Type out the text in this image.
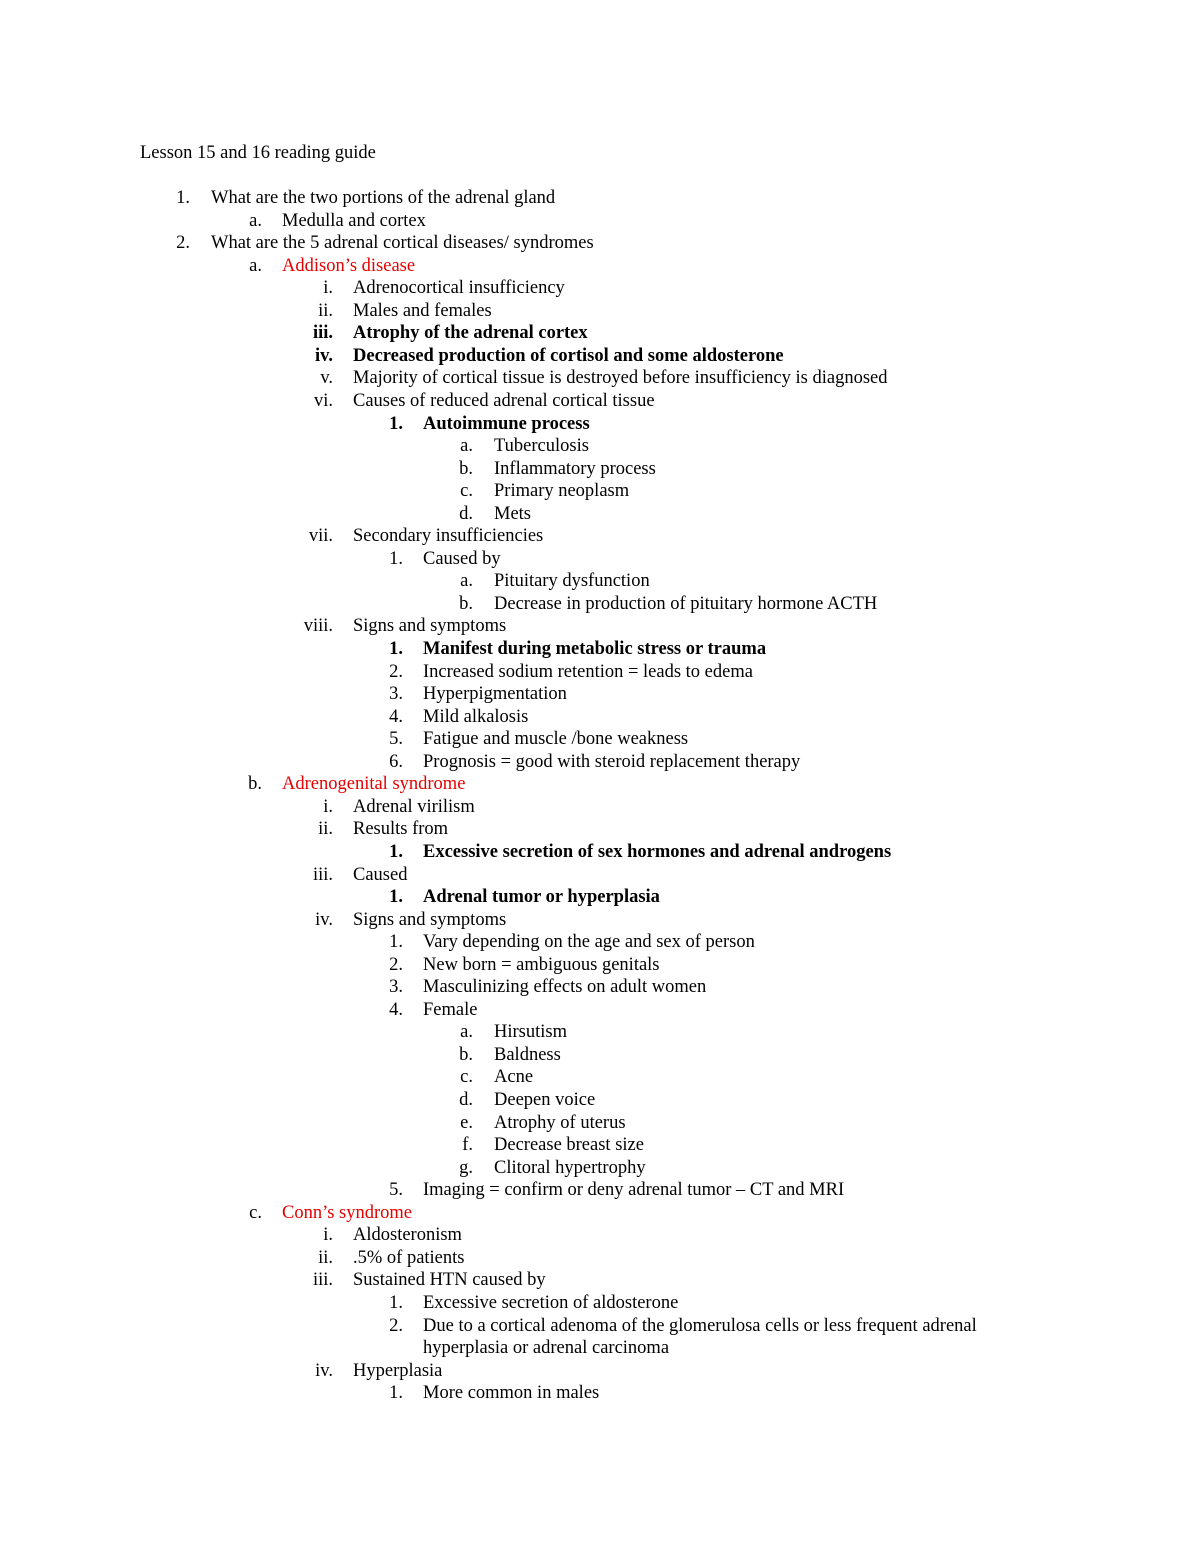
Lesson 15 and 16 reading guide
1. What are the two portions of the adrenal gland
a. Medulla and cortex
2. What are the 5 adrenal cortical diseases/ syndromes
a. Addison’s disease
i. Adrenocortical insufficiency
ii. Males and females
iii. Atrophy of the adrenal cortex
iv. Decreased production of cortisol and some aldosterone
v. Majority of cortical tissue is destroyed before insufficiency is diagnosed
vi. Causes of reduced adrenal cortical tissue
1. Autoimmune process
a. Tuberculosis
b. Inflammatory process
c. Primary neoplasm
d. Mets
vii. Secondary insufficiencies
1. Caused by
a. Pituitary dysfunction
b. Decrease in production of pituitary hormone ACTH
viii. Signs and symptoms
1. Manifest during metabolic stress or trauma
2. Increased sodium retention = leads to edema
3. Hyperpigmentation
4. Mild alkalosis
5. Fatigue and muscle /bone weakness
6. Prognosis = good with steroid replacement therapy
b. Adrenogenital syndrome
i. Adrenal virilism
ii. Results from
1. Excessive secretion of sex hormones and adrenal androgens
iii. Caused
1. Adrenal tumor or hyperplasia
iv. Signs and symptoms
1. Vary depending on the age and sex of person
2. New born = ambiguous genitals
3. Masculinizing effects on adult women
4. Female
a. Hirsutism
b. Baldness
c. Acne
d. Deepen voice
e. Atrophy of uterus
f. Decrease breast size
g. Clitoral hypertrophy
5. Imaging = confirm or deny adrenal tumor – CT and MRI
c. Conn’s syndrome
i. Aldosteronism
ii. .5% of patients
iii. Sustained HTN caused by
1. Excessive secretion of aldosterone
2. Due to a cortical adenoma of the glomerulosa cells or less frequent adrenal
hyperplasia or adrenal carcinoma
iv. Hyperplasia
1. More common in males
